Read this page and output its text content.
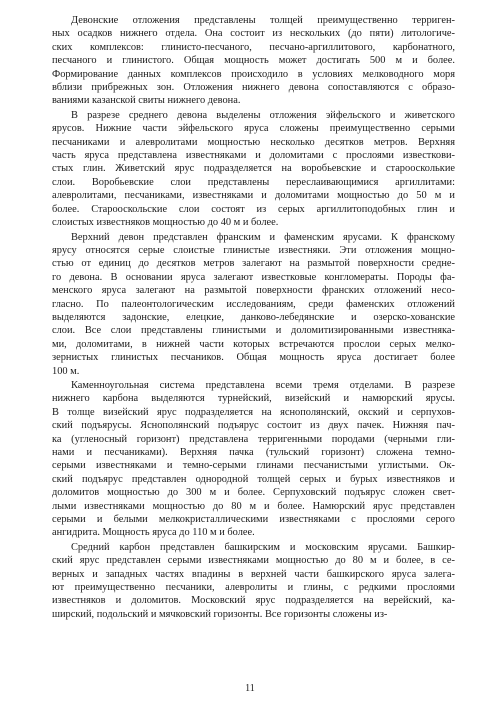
Девонские отложения представлены толщей преимущественно терриген-
ных осадков нижнего отдела. Она состоит из нескольких (до пяти) литологиче-
ских комплексов: глинисто-песчаного, песчано-аргиллитового, карбонатного,
песчаного и глинистого. Общая мощность может достигать 500 м и более.
Формирование данных комплексов происходило в условиях мелководного моря
вблизи прибрежных зон. Отложения нижнего девона сопоставляются с образо-
ваниями казанской свиты нижнего девона.

В разрезе среднего девона выделены отложения эйфельского и живетского
ярусов. Нижние части эйфельского яруса сложены преимущественно серыми
песчаниками и алевролитами мощностью несколько десятков метров. Верхняя
часть яруса представлена известняками и доломитами с прослоями известкови-
стых глин. Живетский ярус подразделяется на воробьевские и староосколькие
слои. Воробьевские слои представлены переслаивающимися аргиллитами:
алевролитами, песчаниками, известняками и доломитами мощностью до 50 м и
более. Старооскольские слои состоят из серых аргиллитоподобных глин и
слоистых известняков мощностью до 40 м и более.

Верхний девон представлен франским и фаменским ярусами. К франскому
ярусу относятся серые слоистые глинистые известняки. Эти отложения мощно-
стью от единиц до десятков метров залегают на размытой поверхности средне-
го девона. В основании яруса залегают известковые конгломераты. Породы фа-
менского яруса залегают на размытой поверхности франских отложений несо-
гласно. По палеонтологическим исследованиям, среди фаменских отложений
выделяются задонские, елецкие, данково-лебедянские и озерско-хованские
слои. Все слои представлены глинистыми и доломитизированными известняка-
ми, доломитами, в нижней части которых встречаются прослои серых мелко-
зернистых глинистых песчаников. Общая мощность яруса достигает более
100 м.

Каменноугольная система представлена всеми тремя отделами. В разрезе
нижнего карбона выделяются турнейский, визейский и намюрский ярусы.
В толще визейский ярус подразделяется на яснополянский, окский и серпухов-
ский подъярусы. Яснополянский подъярус состоит из двух пачек. Нижняя пач-
ка (угленосный горизонт) представлена терригенными породами (черными гли-
нами и песчаниками). Верхняя пачка (тульский горизонт) сложена темно-
серыми известняками и темно-серыми глинами песчанистыми углистыми. Ок-
ский подъярус представлен однородной толщей серых и бурых известняков и
доломитов мощностью до 300 м и более. Серпуховский подъярус сложен свет-
лыми известняками мощностью до 80 м и более. Намюрский ярус представлен
серыми и белыми мелкокристаллическими известняками с прослоями серого
ангидрита. Мощность яруса до 110 м и более.

Средний карбон представлен башкирским и московским ярусами. Башкир-
ский ярус представлен серыми известняками мощностью до 80 м и более, в се-
верных и западных частях впадины в верхней части башкирского яруса залега-
ют преимущественно песчаники, алевролиты и глины, с редкими прослоями
известняков и доломитов. Московский ярус подразделяется на верейский, ка-
ширский, подольский и мячковский горизонты. Все горизонты сложены из-

11
